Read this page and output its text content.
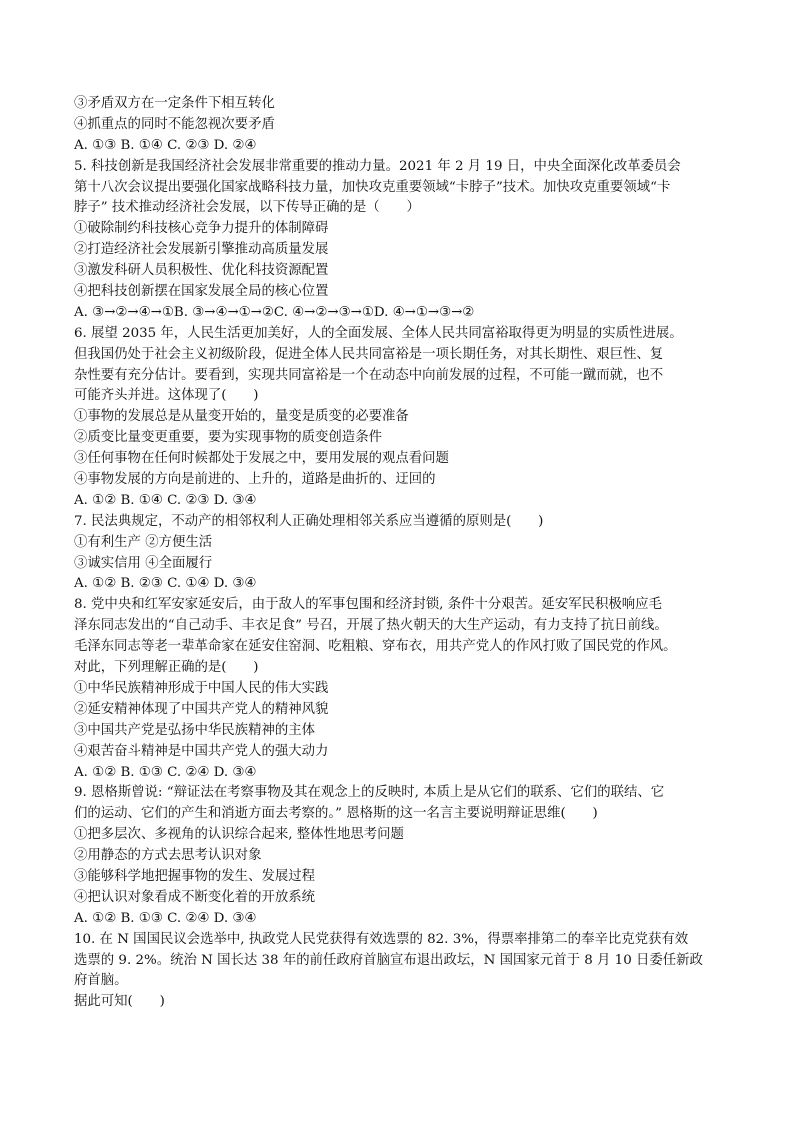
③矛盾双方在一定条件下相互转化
④抓重点的同时不能忽视次要矛盾
A. ①③ B. ①④ C. ②③ D. ②④
5. 科技创新是我国经济社会发展非常重要的推动力量。2021 年 2 月 19 日，中央全面深化改革委员会
第十八次会议提出要强化国家战略科技力量，加快攻克重要领域“卡脖子”技术。加快攻克重要领域“卡
脖子” 技术推动经济社会发展，以下传导正确的是（　　）
①破除制约科技核心竞争力提升的体制障碍
②打造经济社会发展新引擎推动高质量发展
③激发科研人员积极性、优化科技资源配置
④把科技创新摆在国家发展全局的核心位置
A. ③→②→④→①B. ③→④→①→②C. ④→②→③→①D. ④→①→③→②
6. 展望 2035 年，人民生活更加美好，人的全面发展、全体人民共同富裕取得更为明显的实质性进展。
但我国仍处于社会主义初级阶段，促进全体人民共同富裕是一项长期任务，对其长期性、艰巨性、复
杂性要有充分估计。要看到，实现共同富裕是一个在动态中向前发展的过程，不可能一蹴而就，也不
可能齐头并进。这体现了(　　)
①事物的发展总是从量变开始的，量变是质变的必要准备
②质变比量变更重要，要为实现事物的质变创造条件
③任何事物在任何时候都处于发展之中，要用发展的观点看问题
④事物发展的方向是前进的、上升的，道路是曲折的、迂回的
A. ①② B. ①④ C. ②③ D. ③④
7. 民法典规定，不动产的相邻权利人正确处理相邻关系应当遵循的原则是(　　)
①有利生产 ②方便生活
③诚实信用 ④全面履行
A. ①② B. ②③ C. ①④ D. ③④
8. 党中央和红军安家延安后，由于敌人的军事包围和经济封锁, 条件十分艰苦。延安军民积极响应毛
泽东同志发出的“自己动手、丰衣足食” 号召，开展了热火朝天的大生产运动，有力支持了抗日前线。
毛泽东同志等老一辈革命家在延安住窑洞、吃粗粮、穿布衣，用共产党人的作风打败了国民党的作风。
对此，下列理解正确的是(　　)
①中华民族精神形成于中国人民的伟大实践
②延安精神体现了中国共产党人的精神风貌
③中国共产党是弘扬中华民族精神的主体
④艰苦奋斗精神是中国共产党人的强大动力
A. ①② B. ①③ C. ②④ D. ③④
9. 恩格斯曾说: “辩证法在考察事物及其在观念上的反映时, 本质上是从它们的联系、它们的联结、它
们的运动、它们的产生和消逝方面去考察的。” 恩格斯的这一名言主要说明辩证思维(　　)
①把多层次、多视角的认识综合起来, 整体性地思考问题
②用静态的方式去思考认识对象
③能够科学地把握事物的发生、发展过程
④把认识对象看成不断变化着的开放系统
A. ①② B. ①③ C. ②④ D. ③④
10. 在 N 国国民议会选举中, 执政党人民党获得有效选票的 82. 3%，得票率排第二的奉辛比克党获有效
选票的 9. 2%。统治 N 国长达 38 年的前任政府首脑宣布退出政坛，N 国国家元首于 8 月 10 日委任新政
府首脑。
据此可知(　　)
